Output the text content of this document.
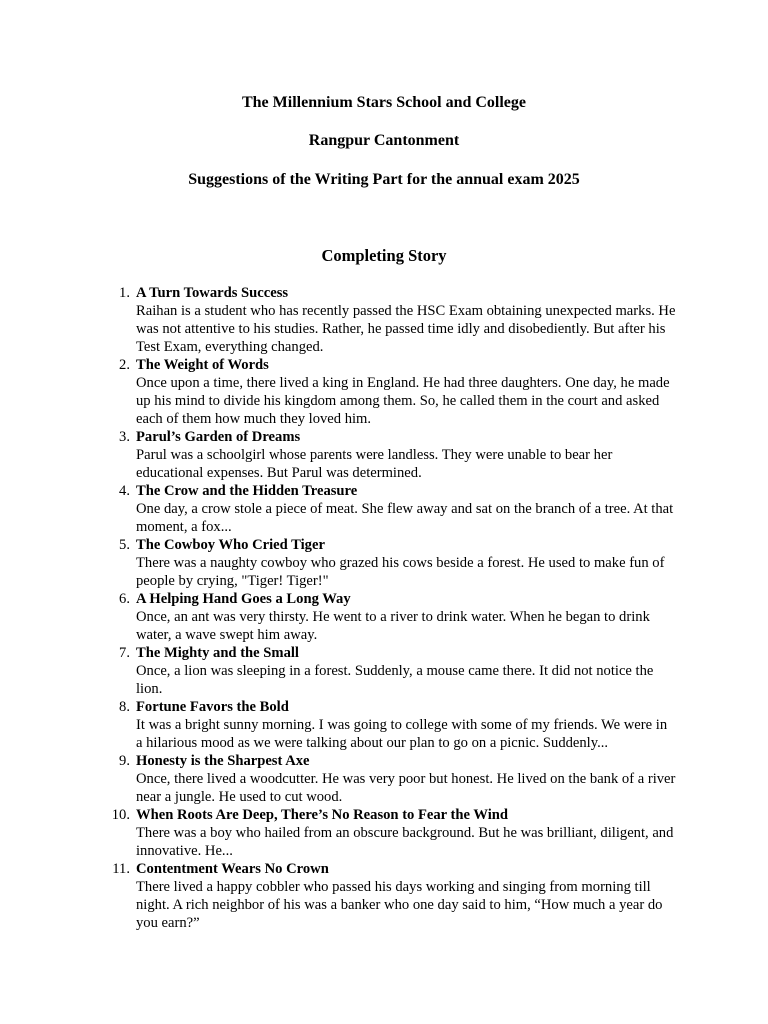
The Millennium Stars School and College
Rangpur Cantonment
Suggestions of the Writing Part for the annual exam 2025
Completing Story
1. A Turn Towards Success
Raihan is a student who has recently passed the HSC Exam obtaining unexpected marks. He was not attentive to his studies. Rather, he passed time idly and disobediently. But after his Test Exam, everything changed.
2. The Weight of Words
Once upon a time, there lived a king in England. He had three daughters. One day, he made up his mind to divide his kingdom among them. So, he called them in the court and asked each of them how much they loved him.
3. Parul’s Garden of Dreams
Parul was a schoolgirl whose parents were landless. They were unable to bear her educational expenses. But Parul was determined.
4. The Crow and the Hidden Treasure
One day, a crow stole a piece of meat. She flew away and sat on the branch of a tree. At that moment, a fox...
5. The Cowboy Who Cried Tiger
There was a naughty cowboy who grazed his cows beside a forest. He used to make fun of people by crying, "Tiger! Tiger!"
6. A Helping Hand Goes a Long Way
Once, an ant was very thirsty. He went to a river to drink water. When he began to drink water, a wave swept him away.
7. The Mighty and the Small
Once, a lion was sleeping in a forest. Suddenly, a mouse came there. It did not notice the lion.
8. Fortune Favors the Bold
It was a bright sunny morning. I was going to college with some of my friends. We were in a hilarious mood as we were talking about our plan to go on a picnic. Suddenly...
9. Honesty is the Sharpest Axe
Once, there lived a woodcutter. He was very poor but honest. He lived on the bank of a river near a jungle. He used to cut wood.
10. When Roots Are Deep, There’s No Reason to Fear the Wind
There was a boy who hailed from an obscure background. But he was brilliant, diligent, and innovative. He...
11. Contentment Wears No Crown
There lived a happy cobbler who passed his days working and singing from morning till night. A rich neighbor of his was a banker who one day said to him, “How much a year do you earn?”
